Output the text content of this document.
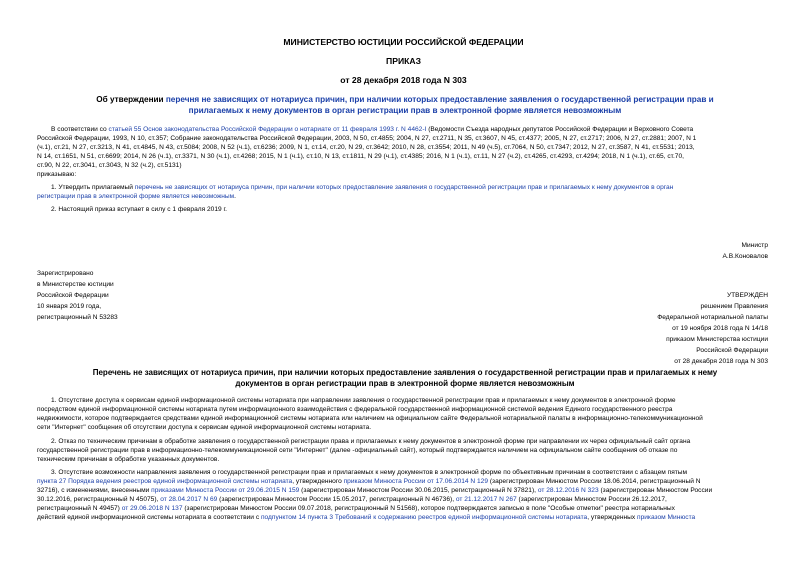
МИНИСТЕРСТВО ЮСТИЦИИ РОССИЙСКОЙ ФЕДЕРАЦИИ
ПРИКАЗ
от 28 декабря 2018 года N 303
Об утверждении перечня не зависящих от нотариуса причин, при наличии которых предоставление заявления о государственной регистрации прав и
прилагаемых к нему документов в орган регистрации прав в электронной форме является невозможным
В соответствии со статьей 55 Основ законодательства Российской Федерации о нотариате от 11 февраля 1993 г. N 4462-I (Ведомости Съезда народных депутатов Российской Федерации и Верховного Совета
Российской Федерации, 1993, N 10, ст.357; Собрание законодательства Российской Федерации, 2003, N 50, ст.4855; 2004, N 27, ст.2711, N 35, ст.3607, N 45, ст.4377; 2005, N 27, ст.2717; 2006, N 27, ст.2881; 2007, N 1
(ч.1), ст.21, N 27, ст.3213, N 41, ст.4845, N 43, ст.5084; 2008, N 52 (ч.1), ст.6236; 2009, N 1, ст.14, ст.20, N 29, ст.3642; 2010, N 28, ст.3554; 2011, N 49 (ч.5), ст.7064, N 50, ст.7347; 2012, N 27, ст.3587, N 41, ст.5531; 2013,
N 14, ст.1651, N 51, ст.6699; 2014, N 26 (ч.1), ст.3371, N 30 (ч.1), ст.4268; 2015, N 1 (ч.1), ст.10, N 13, ст.1811, N 29 (ч.1), ст.4385; 2016, N 1 (ч.1), ст.11, N 27 (ч.2), ст.4265, ст.4293, ст.4294; 2018, N 1 (ч.1), ст.65, ст.70,
ст.90, N 22, ст.3041, ст.3043, N 32 (ч.2), ст.5131)
приказываю:
1. Утвердить прилагаемый перечень не зависящих от нотариуса причин, при наличии которых предоставление заявления о государственной регистрации прав и прилагаемых к нему документов в орган
регистрации прав в электронной форме является невозможным.
2. Настоящий приказ вступает в силу с 1 февраля 2019 г.
Министр
А.В.Коновалов
Зарегистрировано
в Министерстве юстиции
Российской Федерации
10 января 2019 года,
регистрационный N 53283
УТВЕРЖДЕН
решением Правления
Федеральной нотариальной палаты
от 19 ноября 2018 года N 14/18
приказом Министерства юстиции
Российской Федерации
от 28 декабря 2018 года N 303
Перечень не зависящих от нотариуса причин, при наличии которых предоставление заявления о государственной регистрации прав и прилагаемых к нему
документов в орган регистрации прав в электронной форме является невозможным
1. Отсутствие доступа к сервисам единой информационной системы нотариата при направлении заявления о государственной регистрации прав и прилагаемых к нему документов в электронной форме
посредством единой информационной системы нотариата путем информационного взаимодействия с федеральной государственной информационной системой ведения Единого государственного реестра
недвижимости, которое подтверждается средствами единой информационной системы нотариата или наличием на официальном сайте Федеральной нотариальной палаты в информационно-телекоммуникационной
сети "Интернет" сообщения об отсутствии доступа к сервисам единой информационной системы нотариата.
2. Отказ по техническим причинам в обработке заявления о государственной регистрации права и прилагаемых к нему документов в электронной форме при направлении их через официальный сайт органа
государственной регистрации прав в информационно-телекоммуникационной сети "Интернет" (далее -официальный сайт), который подтверждается наличием на официальном сайте сообщения об отказе по
техническим причинам в обработке указанных документов.
3. Отсутствие возможности направления заявления о государственной регистрации прав и прилагаемых к нему документов в электронной форме по объективным причинам в соответствии с абзацем пятым
пункта 27 Порядка ведения реестров единой информационной системы нотариата, утвержденного приказом Минюста России от 17.06.2014 N 129 (зарегистрирован Минюстом России 18.06.2014, регистрационный N
32716), с изменениями, внесенными приказами Минюста России от 29.06.2015 N 159 (зарегистрирован Минюстом России 30.06.2015, регистрационный N 37821), от 28.12.2016 N 323 (зарегистрирован Минюстом России
30.12.2016, регистрационный N 45075), от 28.04.2017 N 69 (зарегистрирован Минюстом России 15.05.2017, регистрационный N 46736), от 21.12.2017 N 267 (зарегистрирован Минюстом России 26.12.2017,
регистрационный N 49457) от 29.06.2018 N 137 (зарегистрирован Минюстом России 09.07.2018, регистрационный N 51568), которое подтверждается записью в поле "Особые отметки" реестра нотариальных
действий единой информационной системы нотариата в соответствии с подпунктом 14 пункта 3 Требований к содержанию реестров единой информационной системы нотариата, утвержденных приказом Минюста
